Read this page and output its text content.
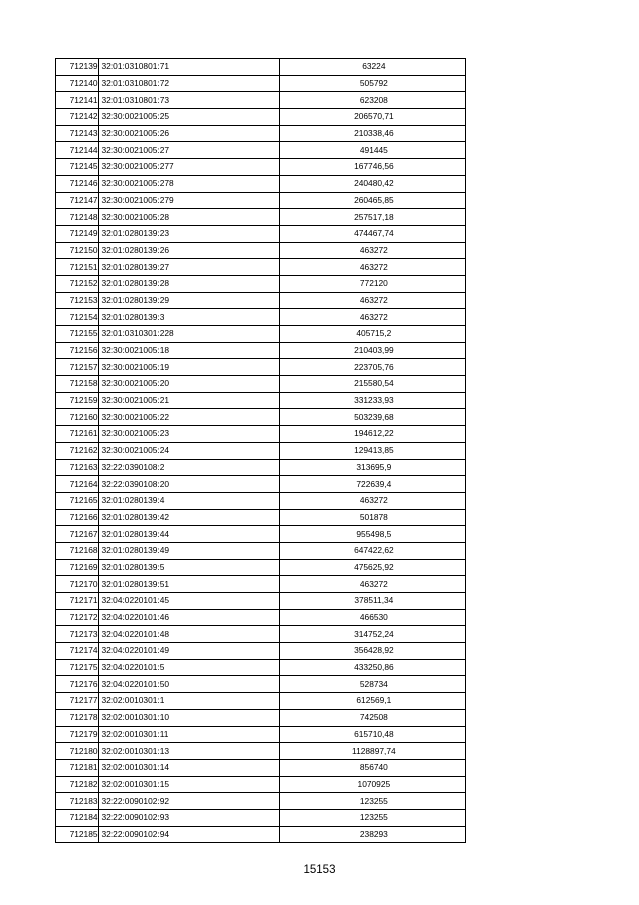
712139	32:01:0310801:71	63224
712140	32:01:0310801:72	505792
712141	32:01:0310801:73	623208
712142	32:30:0021005:25	206570,71
712143	32:30:0021005:26	210338,46
712144	32:30:0021005:27	491445
712145	32:30:0021005:277	167746,56
712146	32:30:0021005:278	240480,42
712147	32:30:0021005:279	260465,85
712148	32:30:0021005:28	257517,18
712149	32:01:0280139:23	474467,74
712150	32:01:0280139:26	463272
712151	32:01:0280139:27	463272
712152	32:01:0280139:28	772120
712153	32:01:0280139:29	463272
712154	32:01:0280139:3	463272
712155	32:01:0310301:228	405715,2
712156	32:30:0021005:18	210403,99
712157	32:30:0021005:19	223705,76
712158	32:30:0021005:20	215580,54
712159	32:30:0021005:21	331233,93
712160	32:30:0021005:22	503239,68
712161	32:30:0021005:23	194612,22
712162	32:30:0021005:24	129413,85
712163	32:22:0390108:2	313695,9
712164	32:22:0390108:20	722639,4
712165	32:01:0280139:4	463272
712166	32:01:0280139:42	501878
712167	32:01:0280139:44	955498,5
712168	32:01:0280139:49	647422,62
712169	32:01:0280139:5	475625,92
712170	32:01:0280139:51	463272
712171	32:04:0220101:45	378511,34
712172	32:04:0220101:46	466530
712173	32:04:0220101:48	314752,24
712174	32:04:0220101:49	356428,92
712175	32:04:0220101:5	433250,86
712176	32:04:0220101:50	528734
712177	32:02:0010301:1	612569,1
712178	32:02:0010301:10	742508
712179	32:02:0010301:11	615710,48
712180	32:02:0010301:13	1128897,74
712181	32:02:0010301:14	856740
712182	32:02:0010301:15	1070925
712183	32:22:0090102:92	123255
712184	32:22:0090102:93	123255
712185	32:22:0090102:94	238293
15153
